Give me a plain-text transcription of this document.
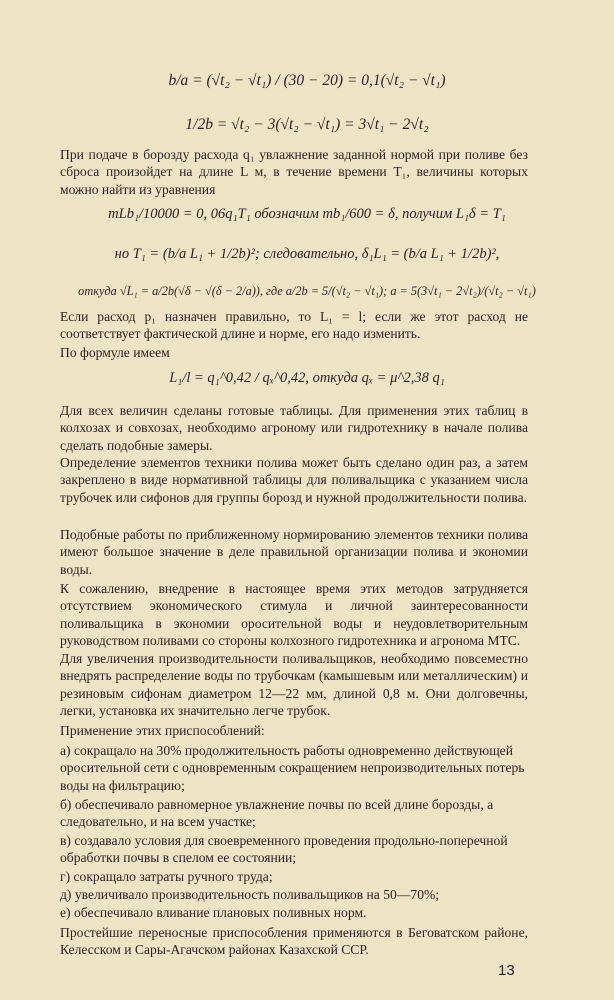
b/a = (√t₂ − √t₁) / (30 − 20) = 0,1(√t₂ − √t₁)
1/2b = √t₂ − 3(√t₂ − √t₁) = 3√t₁ − 2√t₂
При подаче в борозду расхода q₁ увлажнение заданной нормой при поливе без сброса произойдет на длине L м, в течение времени T₁, величины которых можно найти из уравнения
mLb₁/10000 = 0, 06q₁T₁ обозначим mb₁/600 = δ, получим L₁δ = T₁
но T₁ = (b/a L₁ + 1/2b)²; следовательно, δ₁L₁ = (b/a L₁ + 1/2b)²,
откуда √L₁ = a/2b(√δ − √(δ − 2/a)), где a/2b = 5/(√t₂ − √t₁); a = 5(3√t₁ − 2√t₂)/(√t₂ − √t₁)
Если расход p₁ назначен правильно, то L₁ = l; если же этот расход не соответствует фактической длине и норме, его надо изменить.
По формуле имеем
L₁/l = q₁^0,42 / qₓ^0,42, откуда qₓ = μ^2,38 q₁
Для всех величин сделаны готовые таблицы. Для применения этих таблиц в колхозах и совхозах, необходимо агроному или гидротехнику в начале полива сделать подобные замеры.
Определение элементов техники полива может быть сделано один раз, а затем закреплено в виде нормативной таблицы для поливальщика с указанием числа трубочек или сифонов для группы борозд и нужной продолжительности полива.
Подобные работы по приближенному нормированию элементов техники полива имеют большое значение в деле правильной организации полива и экономии воды.
К сожалению, внедрение в настоящее время этих методов затрудняется отсутствием экономического стимула и личной заинтересованности поливальщика в экономии оросительной воды и неудовлетворительным руководством поливами со стороны колхозного гидротехника и агронома МТС.
Для увеличения производительности поливальщиков, необходимо повсеместно внедрять распределение воды по трубочкам (камышевым или металлическим) и резиновым сифонам диаметром 12—22 мм, длиной 0,8 м. Они долговечны, легки, установка их значительно легче трубок.
Применение этих приспособлений:
а) сокращало на 30% продолжительность работы одновременно действующей оросительной сети с одновременным сокращением непроизводительных потерь воды на фильтрацию;
б) обеспечивало равномерное увлажнение почвы по всей длине борозды, а следовательно, и на всем участке;
в) создавало условия для своевременного проведения продольно-поперечной обработки почвы в спелом ее состоянии;
г) сокращало затраты ручного труда;
д) увеличивало производительность поливальщиков на 50—70%;
е) обеспечивало вливание плановых поливных норм.
Простейшие переносные приспособления применяются в Беговатском районе, Келесском и Сары-Агачском районах Казахской ССР.
13
